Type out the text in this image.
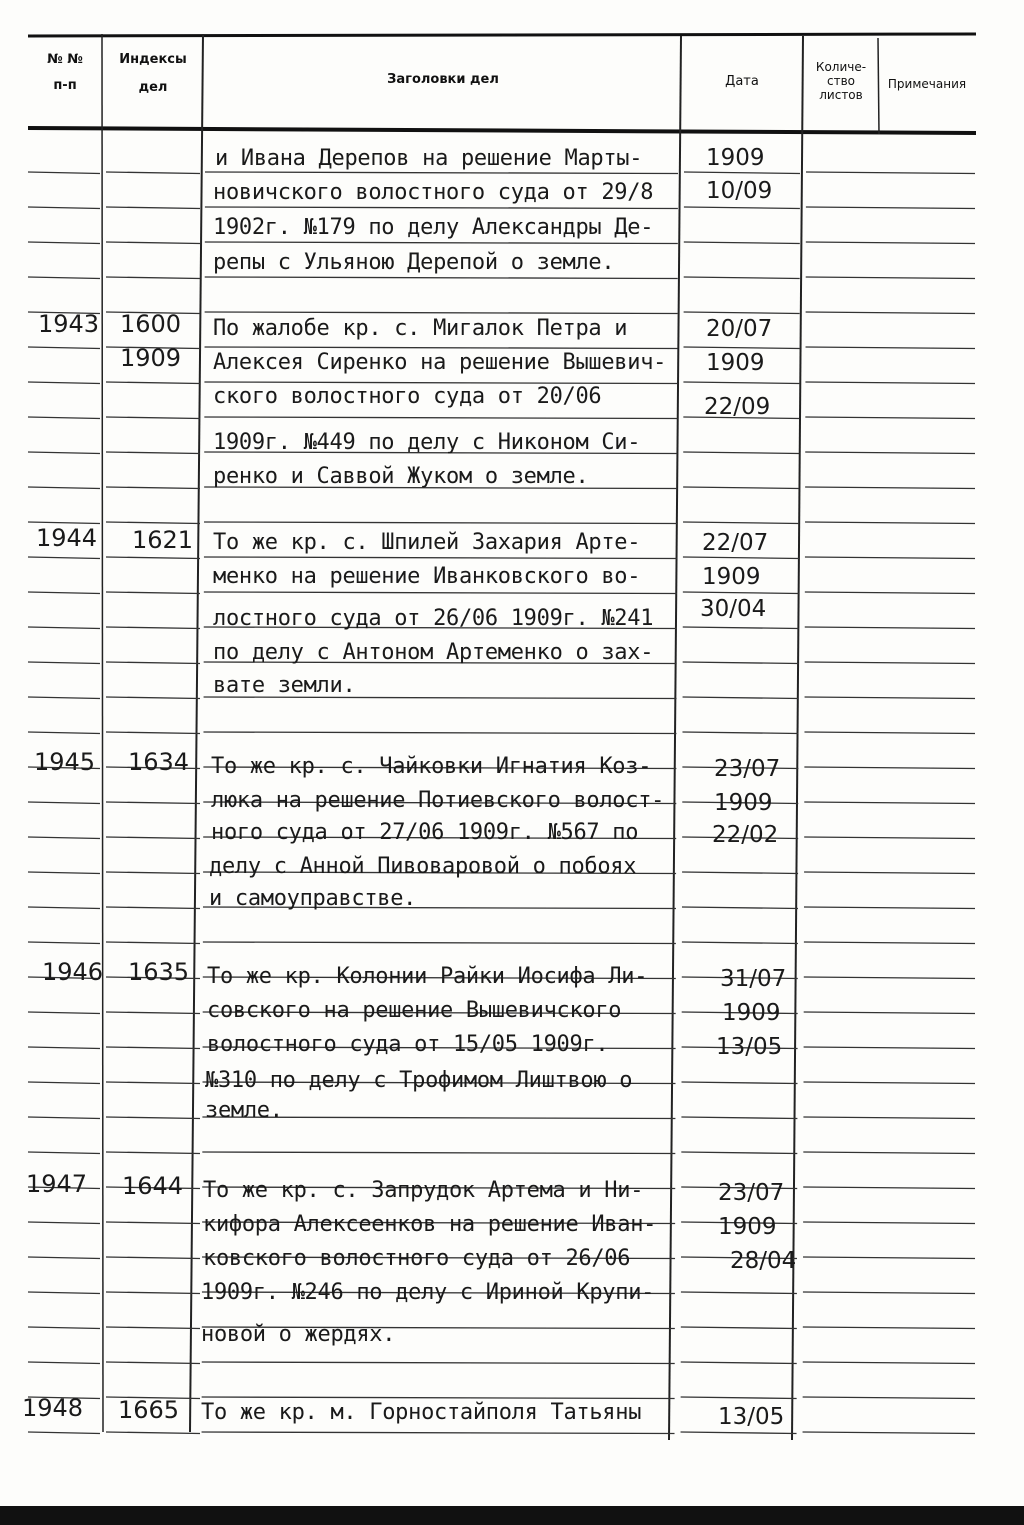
№ №
п-п
Индексы
дел
Заголовки дел	Дата
Количе-
ство
листов
Примечания
и Ивана Дерепов на решение Марты-
новичского волостного суда от 29/8
1902г. №179 по делу Александры Де-
репы с Ульяною Дерепой о земле.
1909
10/09
1943 1600
1909
По жалобе кр. с. Мигалок Петра и
Алексея Сиренко на решение Вышевич-
ского волостного суда от 20/06
1909г. №449 по делу с Никоном Си-
ренко и Саввой Жуком о земле.
20/07
1909
22/09
1944 1621 То же кр. с. Шпилей Захария Арте-
менко на решение Иванковского во-
лостного суда от 26/06 1909г. №241
по делу с Антоном Артеменко о зах-
вате земли.
22/07
1909
30/04
1945 1634 То же кр. с. Чайковки Игнатия Коз-
люка на решение Потиевского волост-
ного суда от 27/06 1909г. №567 по
делу с Анной Пивоваровой о побоях
и самоуправстве.
23/07
1909
22/02
1946 1635 То же кр. Колонии Райки Иосифа Ли-
совского на решение Вышевичского
волостного суда от 15/05 1909г.
№310 по делу с Трофимом Лиштвою о
земле.
31/07
1909
13/05
1947 1644 То же кр. с. Запрудок Артема и Ни-
кифора Алексеенков на решение Иван-
ковского волостного суда от 26/06
1909г. №246 по делу с Ириной Крупи-
новой о жердях.
23/07
1909
28/04
1948 1665 То же кр. м. Горностайполя Татьяны	13/05
